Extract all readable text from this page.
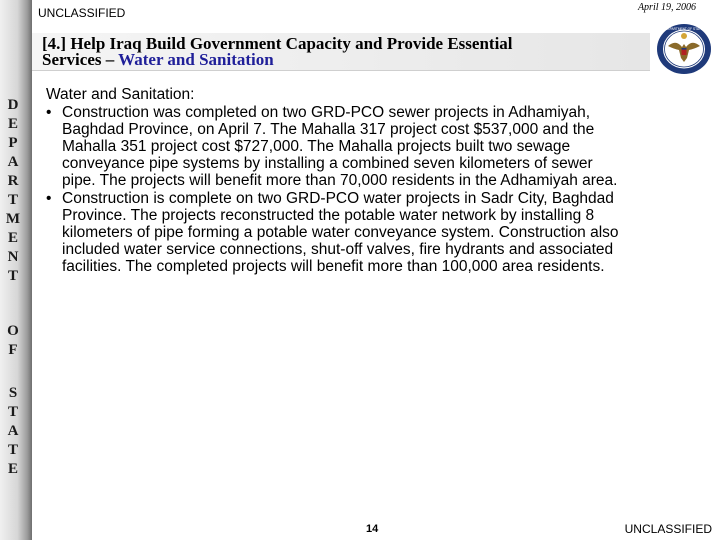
D
E
P
A
R
T
M
E
N
T
O
F
S
T
A
T
E
UNCLASSIFIED	April 19, 2006
[4.] Help Iraq Build Government Capacity and Provide Essential
Services – Water and Sanitation
DEPARTMENT OF STATE
Water and Sanitation:
• Construction was completed on two GRD-PCO sewer projects in Adhamiyah,
Baghdad Province, on April 7. The Mahalla 317 project cost $537,000 and the
Mahalla 351 project cost $727,000. The Mahalla projects built two sewage
conveyance pipe systems by installing a combined seven kilometers of sewer
pipe. The projects will benefit more than 70,000 residents in the Adhamiyah area.
• Construction is complete on two GRD-PCO water projects in Sadr City, Baghdad
Province. The projects reconstructed the potable water network by installing 8
kilometers of pipe forming a potable water conveyance system. Construction also
included water service connections, shut-off valves, fire hydrants and associated
facilities. The completed projects will benefit more than 100,000 area residents.
14	UNCLASSIFIED
